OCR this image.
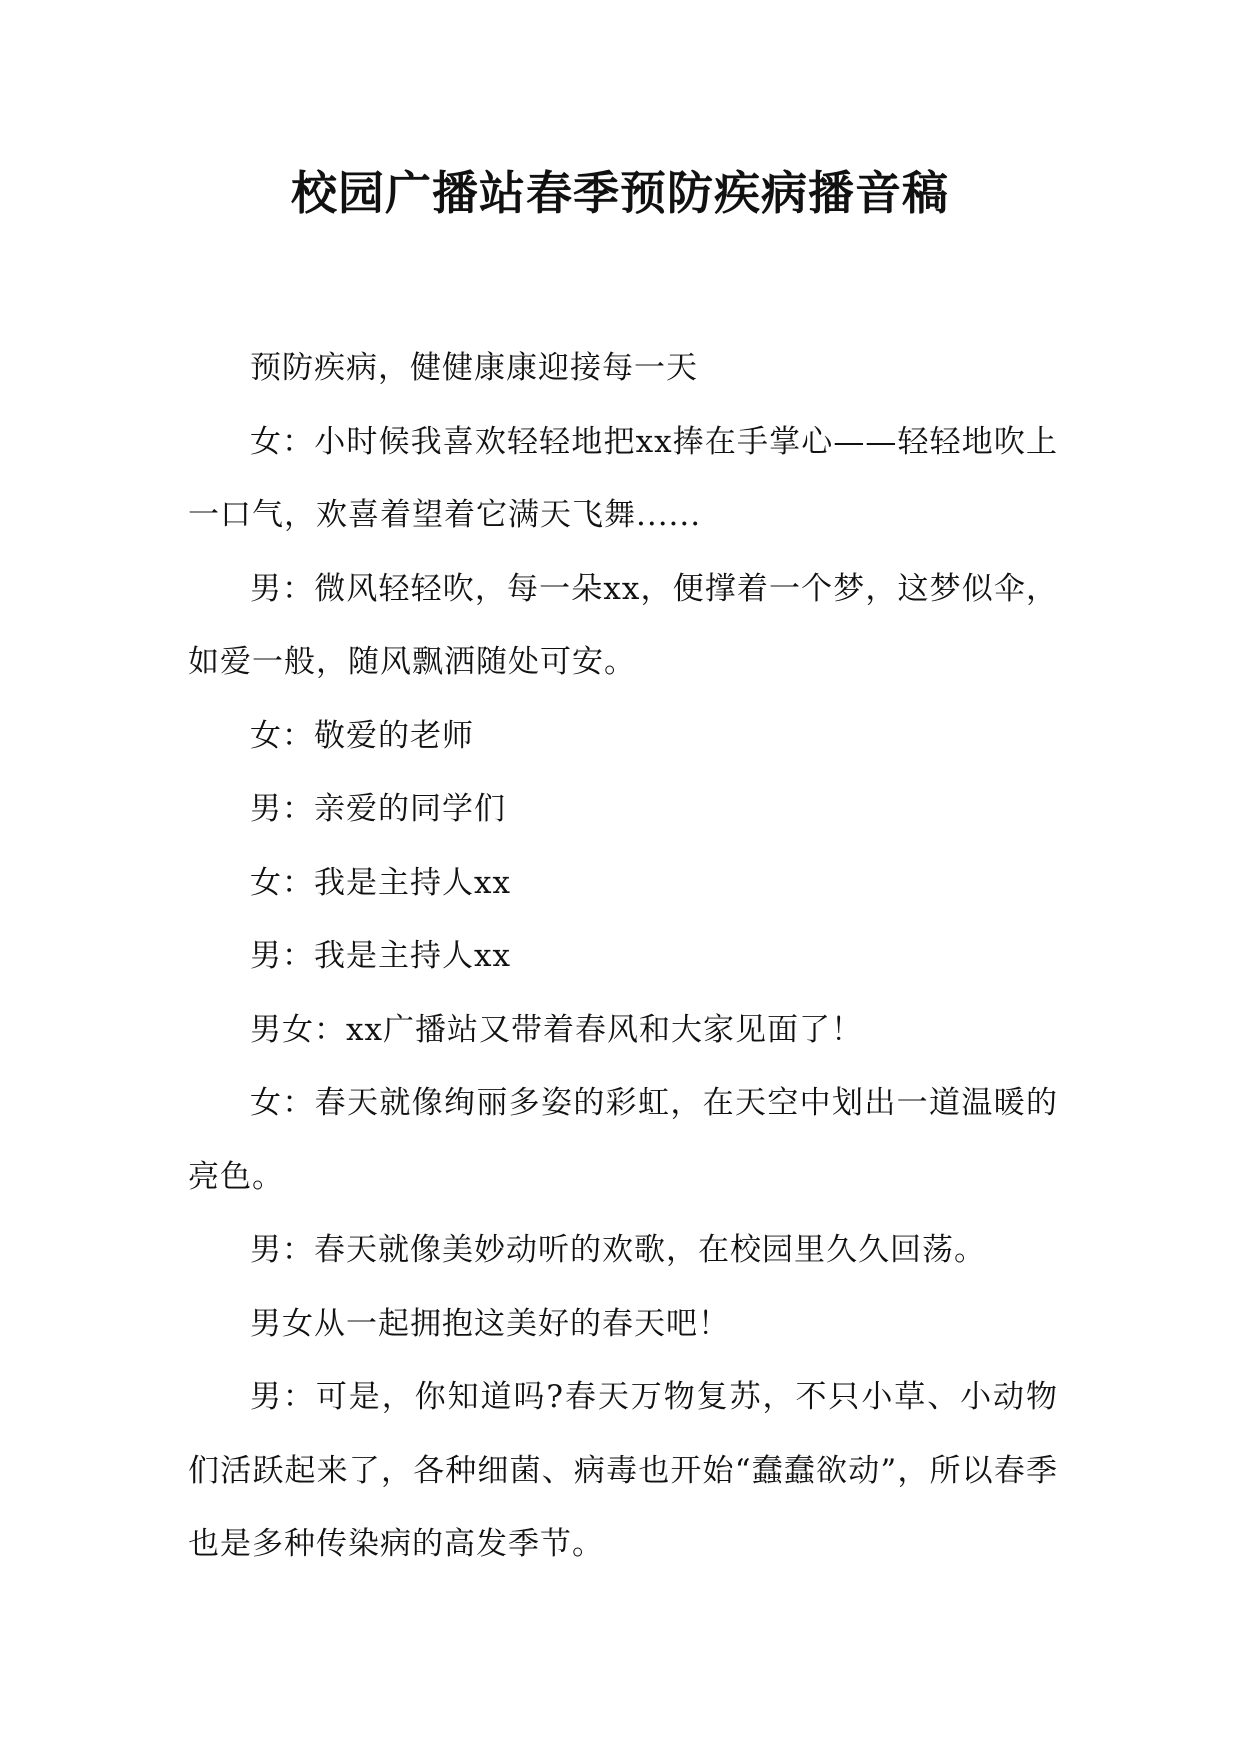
校园广播站春季预防疾病播音稿

预防疾病，健健康康迎接每一天

女：小时候我喜欢轻轻地把xx捧在手掌心——轻轻地吹上一口气，欢喜着望着它满天飞舞......

男：微风轻轻吹，每一朵xx，便撑着一个梦，这梦似伞，如爱一般，随风飘洒随处可安。

女：敬爱的老师

男：亲爱的同学们

女：我是主持人xx

男：我是主持人xx

男女：xx广播站又带着春风和大家见面了！

女：春天就像绚丽多姿的彩虹，在天空中划出一道温暖的亮色。

男：春天就像美妙动听的欢歌，在校园里久久回荡。

男女从一起拥抱这美好的春天吧！

男：可是，你知道吗?春天万物复苏，不只小草、小动物们活跃起来了，各种细菌、病毒也开始“蠢蠢欲动”，所以春季也是多种传染病的高发季节。
